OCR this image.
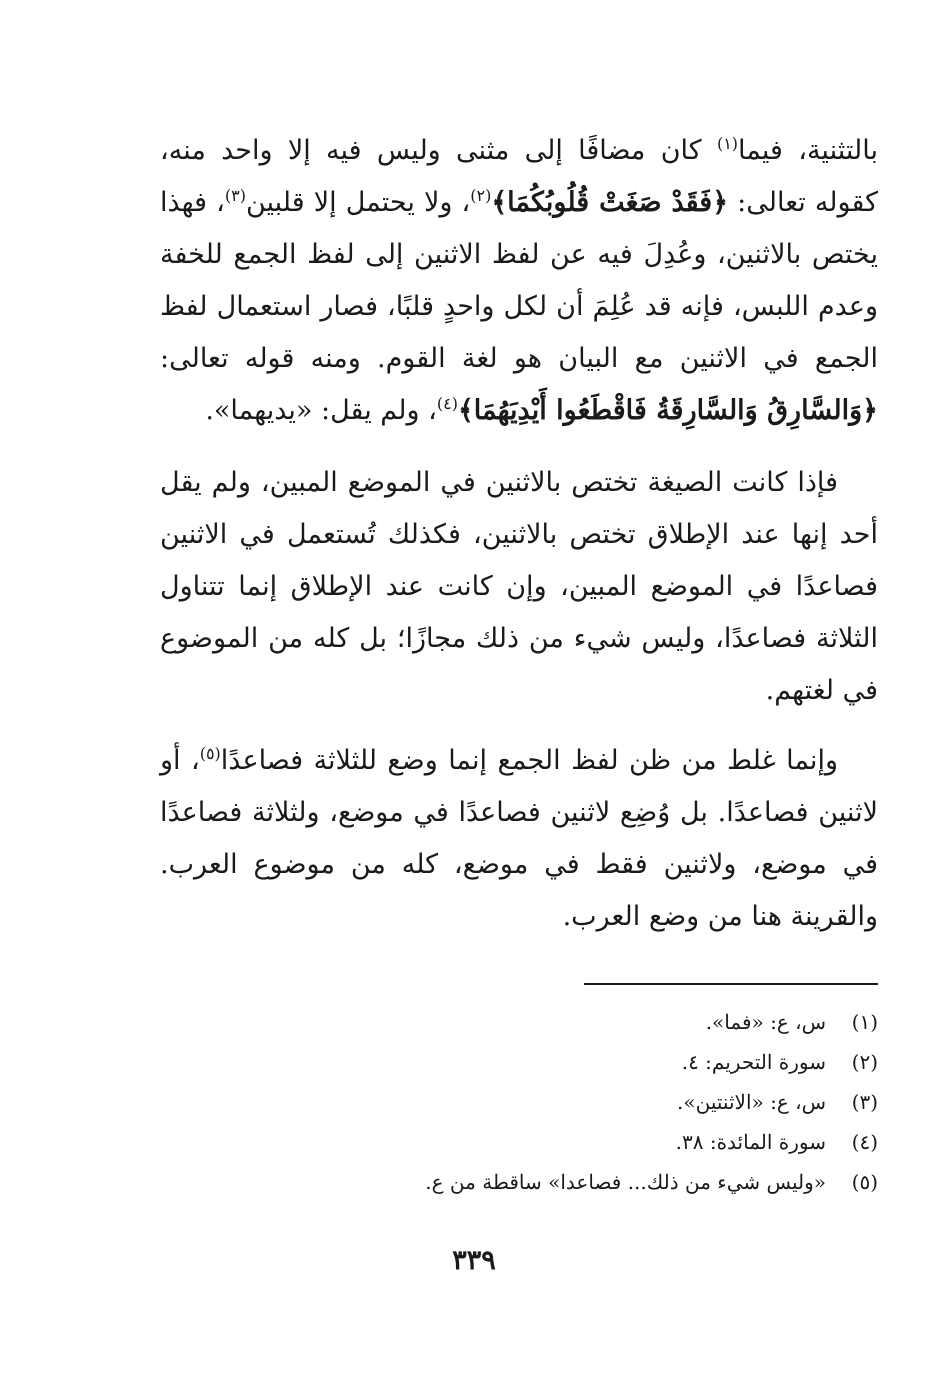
بالتثنية، فيما$^{(١)}$ كان مضافًا إلى مثنى وليس فيه إلا واحد منه، كقوله تعالى: ﴿فَقَدْ صَغَتْ قُلُوبُكُمَا﴾$^{(٢)}$، ولا يحتمل إلا قلبين$^{(٣)}$، فهذا يختص بالاثنين، وعُدِلَ فيه عن لفظ الاثنين إلى لفظ الجمع للخفة وعدم اللبس، فإنه قد عُلِمَ أن لكل واحدٍ قلبًا، فصار استعمال لفظ الجمع في الاثنين مع البيان هو لغة القوم. ومنه قوله تعالى: ﴿وَالسَّارِقُ وَالسَّارِقَةُ فَاقْطَعُوا أَيْدِيَهُمَا﴾$^{(٤)}$، ولم يقل: «يديهما».

فإذا كانت الصيغة تختص بالاثنين في الموضع المبين، ولم يقل أحد إنها عند الإطلاق تختص بالاثنين، فكذلك تُستعمل في الاثنين فصاعدًا في الموضع المبين، وإن كانت عند الإطلاق إنما تتناول الثلاثة فصاعدًا، وليس شيء من ذلك مجازًا؛ بل كله من الموضوع في لغتهم.

وإنما غلط من ظن لفظ الجمع إنما وضع للثلاثة فصاعدًا$^{(٥)}$، أو لاثنين فصاعدًا. بل وُضِع لاثنين فصاعدًا في موضع، ولثلاثة فصاعدًا في موضع، ولاثنين فقط في موضع، كله من موضوع العرب. والقرينة هنا من وضع العرب.

(١)
س، ع: «فما».
(٢)
سورة التحريم: ٤.
(٣)
س، ع: «الاثنتين».
(٤)
سورة المائدة: ٣٨.
(٥)
«وليس شيء من ذلك... فصاعدا» ساقطة من ع.
٣٣٩
